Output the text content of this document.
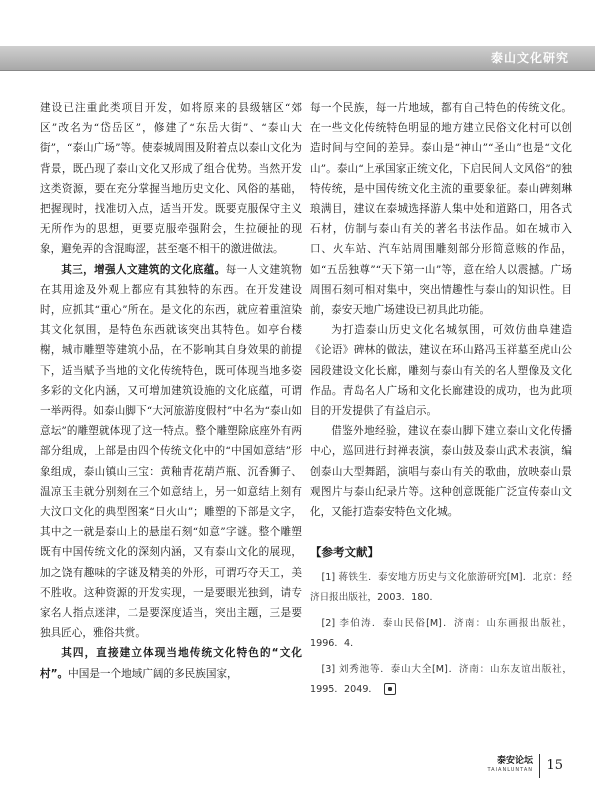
泰山文化研究

建设已注重此类项目开发，如将原来的县级辖区“郊区”改名为“岱岳区”，修建了“东岳大街”、“泰山大街”，“泰山广场”等。使泰城周围及附着点以泰山文化为背景，既凸现了泰山文化又形成了组合优势。当然开发这类资源，要在充分掌握当地历史文化、风俗的基础，把握现时，找准切入点，适当开发。既要克服保守主义无所作为的思想，更要克服牵强附会，生拉硬扯的现象，避免弄的含混晦涩，甚至毫不相干的激进做法。

其三，增强人文建筑的文化底蕴。每一人文建筑物在其用途及外观上都应有其独特的东西。在开发建设时，应抓其“重心”所在。是文化的东西，就应着重渲染其文化氛围，是特色东西就该突出其特色。如亭台楼榭，城市雕塑等建筑小品，在不影响其自身效果的前提下，适当赋予当地的文化传统特色，既可体现当地多姿多彩的文化内涵，又可增加建筑设施的文化底蕴，可谓一举两得。如泰山脚下“大河旅游度假村”中名为“泰山如意坛”的雕塑就体现了这一特点。整个雕塑除底座外有两部分组成，上部是由四个传统文化中的“中国如意结”形象组成，泰山镇山三宝：黄釉青花葫芦瓶、沉香狮子、温凉玉圭就分别刻在三个如意结上，另一如意结上刻有大汶口文化的典型图案“日火山”；雕塑的下部是文字，其中之一就是泰山上的悬崖石刻“如意”字谜。整个雕塑既有中国传统文化的深刻内涵，又有泰山文化的展现，加之饶有趣味的字谜及精美的外形，可谓巧夺天工，美不胜收。这种资源的开发实现，一是要眼光独到，请专家名人指点迷津，二是要深度适当，突出主题，三是要独具匠心，雅俗共赏。

其四，直接建立体现当地传统文化特色的“文化村”。中国是一个地域广阔的多民族国家，

每一个民族，每一片地域，都有自己特色的传统文化。在一些文化传统特色明显的地方建立民俗文化村可以创造时间与空间的差异。泰山是“神山”“圣山”也是“文化山”。泰山“上承国家正统文化，下启民间人文风俗”的独特传统，是中国传统文化主流的重要象征。泰山碑刻琳琅满目，建议在泰城选择游人集中处和道路口，用各式石材，仿制与泰山有关的著名书法作品。如在城市入口、火车站、汽车站周围雕刻部分形简意赅的作品，如“五岳独尊”“天下第一山”等，意在给人以震撼。广场周围石刻可相对集中，突出情趣性与泰山的知识性。目前，泰安天地广场建设已初具此功能。

为打造泰山历史文化名城氛围，可效仿曲阜建造《论语》碑林的做法，建议在环山路冯玉祥墓至虎山公园段建设文化长廊，雕刻与泰山有关的名人塑像及文化作品。青岛名人广场和文化长廊建设的成功，也为此项目的开发提供了有益启示。

借鉴外地经验，建议在泰山脚下建立泰山文化传播中心，巡回进行封禅表演，泰山鼓及泰山武术表演，编创泰山大型舞蹈，演唱与泰山有关的歌曲，放映泰山景观图片与泰山纪录片等。这种创意既能广泛宣传泰山文化，又能打造泰安特色文化城。

【参考文献】
[1] 蒋铁生．泰安地方历史与文化旅游研究[M]．北京：经济日报出版社，2003．180．
[2] 李伯涛．泰山民俗[M]．济南：山东画报出版社，1996．4．
[3] 刘秀池等．泰山大全[M]．济南：山东友谊出版社，1995．2049．
泰安论坛
TAIANLUNTAN 15
